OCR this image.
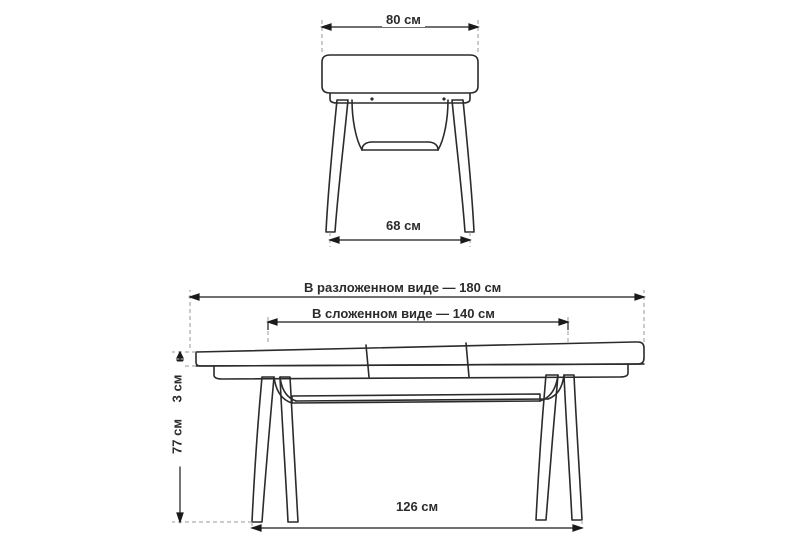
80 см
68 см
В разложенном виде — 180 см
В сложенном виде — 140 см
3 см
77 см
126 см
